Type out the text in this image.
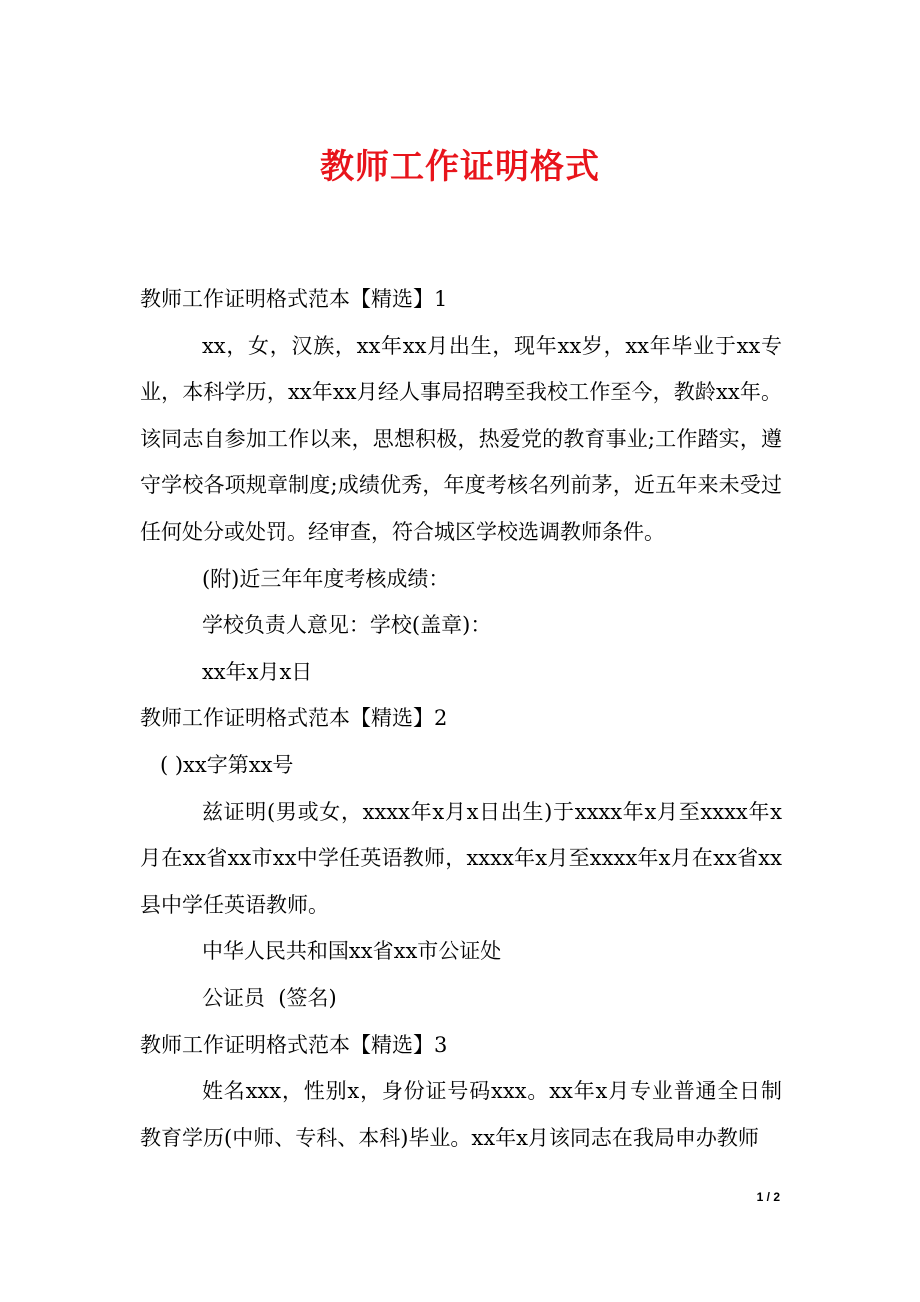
教师工作证明格式

教师工作证明格式范本【精选】1

xx，女，汉族，xx年xx月出生，现年xx岁，xx年毕业于xx专业，本科学历，xx年xx月经人事局招聘至我校工作至今，教龄xx年。该同志自参加工作以来，思想积极，热爱党的教育事业;工作踏实，遵守学校各项规章制度;成绩优秀，年度考核名列前茅，近五年来未受过任何处分或处罚。经审查，符合城区学校选调教师条件。

(附)近三年年度考核成绩：

学校负责人意见：学校(盖章)：

xx年x月x日

教师工作证明格式范本【精选】2

( )xx字第xx号

兹证明(男或女，xxxx年x月x日出生)于xxxx年x月至xxxx年x月在xx省xx市xx中学任英语教师，xxxx年x月至xxxx年x月在xx省xx县中学任英语教师。

中华人民共和国xx省xx市公证处

公证员  (签名)

教师工作证明格式范本【精选】3

姓名xxx，性别x，身份证号码xxx。xx年x月专业普通全日制教育学历(中师、专科、本科)毕业。xx年x月该同志在我局申办教师

1 / 2
